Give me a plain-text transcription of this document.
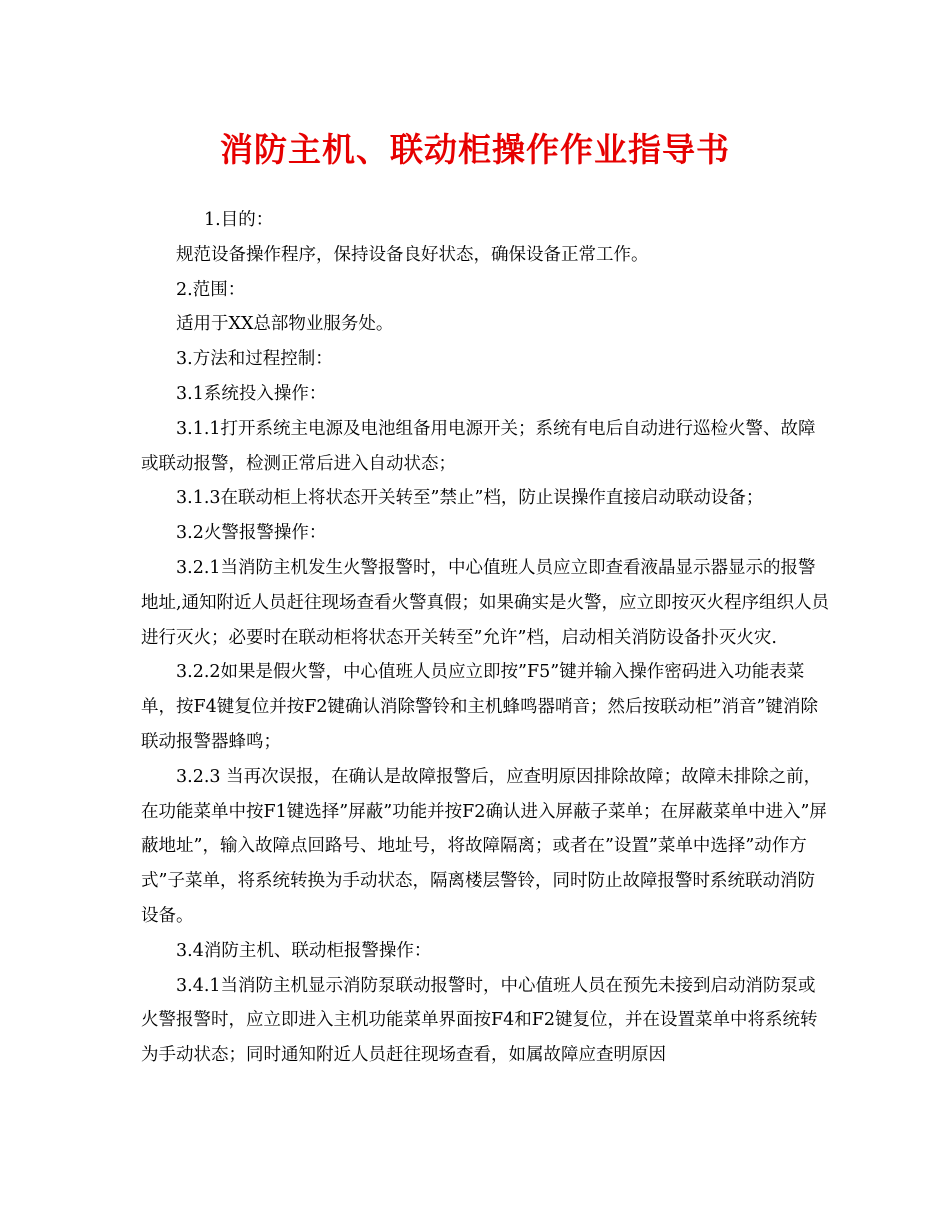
消防主机、联动柜操作作业指导书

1.目的：

规范设备操作程序，保持设备良好状态，确保设备正常工作。

2.范围：

适用于XX总部物业服务处。

3.方法和过程控制：

3.1系统投入操作：

3.1.1打开系统主电源及电池组备用电源开关；系统有电后自动进行巡检火警、故障或联动报警，检测正常后进入自动状态；

3.1.3在联动柜上将状态开关转至”禁止”档，防止误操作直接启动联动设备；

3.2火警报警操作：

3.2.1当消防主机发生火警报警时，中心值班人员应立即查看液晶显示器显示的报警地址,通知附近人员赶往现场查看火警真假；如果确实是火警，应立即按灭火程序组织人员进行灭火；必要时在联动柜将状态开关转至”允许”档，启动相关消防设备扑灭火灾.

3.2.2如果是假火警，中心值班人员应立即按”F5”键并输入操作密码进入功能表菜单，按F4键复位并按F2键确认消除警铃和主机蜂鸣器哨音；然后按联动柜”消音”键消除联动报警器蜂鸣；

3.2.3 当再次误报，在确认是故障报警后，应查明原因排除故障；故障未排除之前，在功能菜单中按F1键选择”屏蔽”功能并按F2确认进入屏蔽子菜单；在屏蔽菜单中进入”屏蔽地址”，输入故障点回路号、地址号，将故障隔离；或者在”设置”菜单中选择”动作方式”子菜单，将系统转换为手动状态，隔离楼层警铃，同时防止故障报警时系统联动消防设备。

3.4消防主机、联动柜报警操作：

3.4.1当消防主机显示消防泵联动报警时，中心值班人员在预先未接到启动消防泵或火警报警时，应立即进入主机功能菜单界面按F4和F2键复位，并在设置菜单中将系统转为手动状态；同时通知附近人员赶往现场查看，如属故障应查明原因
